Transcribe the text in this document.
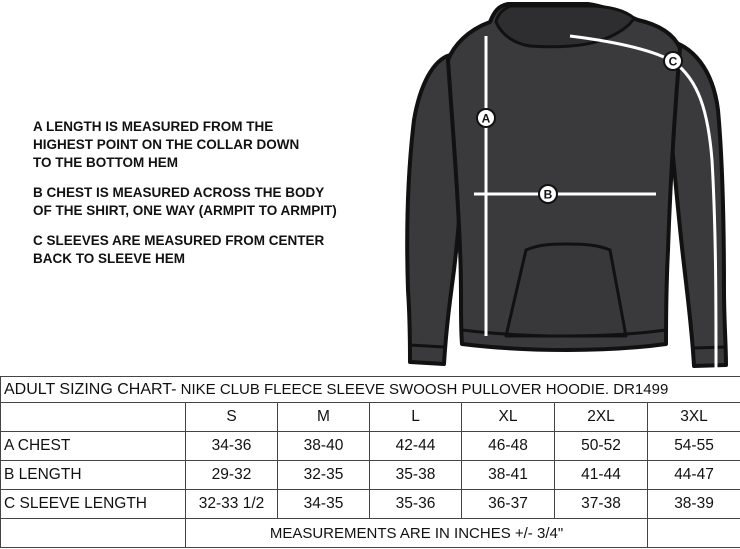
A LENGTH IS MEASURED FROM THE
HIGHEST POINT ON THE COLLAR DOWN
TO THE BOTTOM HEM
B CHEST IS MEASURED ACROSS THE BODY
OF THE SHIRT, ONE WAY (ARMPIT TO ARMPIT)
C SLEEVES ARE MEASURED FROM CENTER
BACK TO SLEEVE HEM
A
B
C
ADULT SIZING CHART- NIKE CLUB FLEECE SLEEVE SWOOSH PULLOVER HOODIE. DR1499						
	S	M	L	XL	2XL	3XL
A CHEST	34-36	38-40	42-44	46-48	50-52	54-55
B LENGTH	29-32	32-35	35-38	38-41	41-44	44-47
C SLEEVE LENGTH	32-33 1/2	34-35	35-36	36-37	37-38	38-39
	MEASUREMENTS ARE IN INCHES +/- 3/4"					
